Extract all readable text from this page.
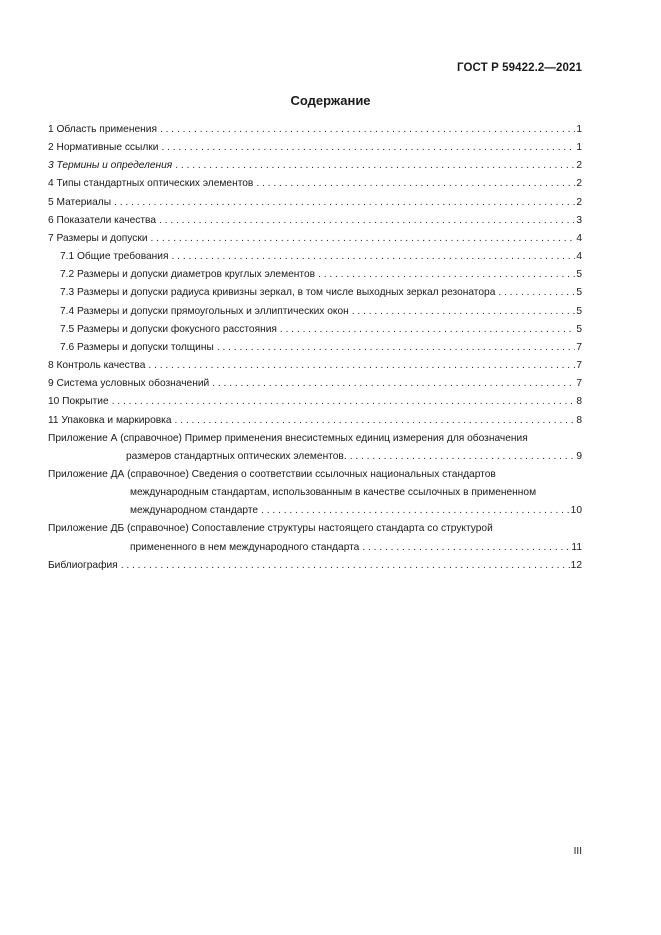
ГОСТ Р 59422.2—2021
Содержание
1 Область применения . . .	1
2 Нормативные ссылки . . .	1
3 Термины и определения . . .	2
4 Типы стандартных оптических элементов . . .	2
5 Материалы . . .	2
6 Показатели качества . . .	3
7 Размеры и допуски . . .	4
7.1 Общие требования . . .	4
7.2 Размеры и допуски диаметров круглых элементов . . .	5
7.3 Размеры и допуски радиуса кривизны зеркал, в том числе выходных зеркал резонатора . . .	5
7.4 Размеры и допуски прямоугольных и эллиптических окон . . .	5
7.5 Размеры и допуски фокусного расстояния . . .	5
7.6 Размеры и допуски толщины . . .	7
8 Контроль качества . . .	7
9 Система условных обозначений . . .	7
10 Покрытие . . .	8
11 Упаковка и маркировка . . .	8
Приложение А (справочное) Пример применения внесистемных единиц измерения для обозначения
размеров стандартных оптических элементов. . . .	9
Приложение ДА (справочное) Сведения о соответствии ссылочных национальных стандартов
международным стандартам, использованным в качестве ссылочных в примененном
международном стандарте . . .	10
Приложение ДБ (справочное) Сопоставление структуры настоящего стандарта со структурой
примененного в нем международного стандарта . . .	11
Библиография . . .	12
III
